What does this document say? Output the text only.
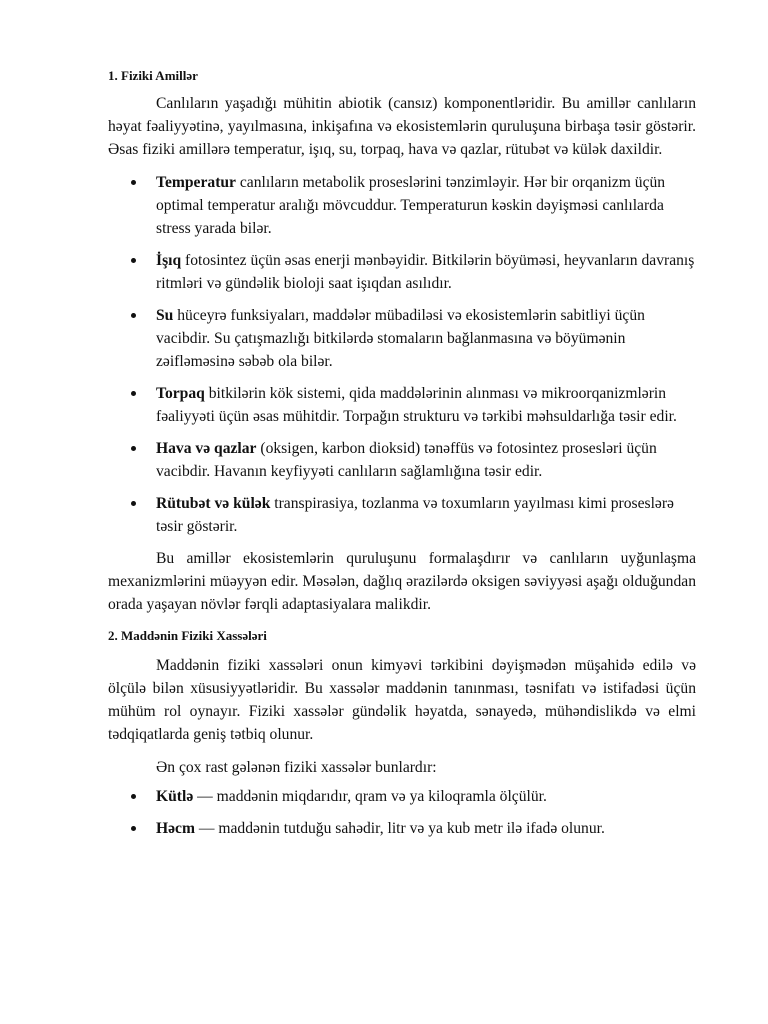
1. Fiziki Amillər

Canlıların yaşadığı mühitin abiotik (cansız) komponentləridir. Bu amillər canlıların həyat fəaliyyətinə, yayılmasına, inkişafına və ekosistemlərin quruluşuna birbaşa təsir göstərir. Əsas fiziki amillərə temperatur, işıq, su, torpaq, hava və qazlar, rütubət və külək daxildir.

Temperatur canlıların metabolik proseslərini tənzimləyir. Hər bir orqanizm üçün optimal temperatur aralığı mövcuddur. Temperaturun kəskin dəyişməsi canlılarda stress yarada bilər.
İşıq fotosintez üçün əsas enerji mənbəyidir. Bitkilərin böyüməsi, heyvanların davranış ritmləri və gündəlik bioloji saat işıqdan asılıdır.
Su hüceyrə funksiyaları, maddələr mübadiləsi və ekosistemlərin sabitliyi üçün vacibdir. Su çatışmazlığı bitkilərdə stomaların bağlanmasına və böyümənin zəifləməsinə səbəb ola bilər.
Torpaq bitkilərin kök sistemi, qida maddələrinin alınması və mikroorqanizmlərin fəaliyyəti üçün əsas mühitdir. Torpağın strukturu və tərkibi məhsuldarlığa təsir edir.
Hava və qazlar (oksigen, karbon dioksid) tənəffüs və fotosintez prosesləri üçün vacibdir. Havanın keyfiyyəti canlıların sağlamlığına təsir edir.
Rütubət və külək transpirasiya, tozlanma və toxumların yayılması kimi proseslərə təsir göstərir.

Bu amillər ekosistemlərin quruluşunu formalaşdırır və canlıların uyğunlaşma mexanizmlərini müəyyən edir. Məsələn, dağlıq ərazilərdə oksigen səviyyəsi aşağı olduğundan orada yaşayan növlər fərqli adaptasiyalara malikdir.

2. Maddənin Fiziki Xassələri

Maddənin fiziki xassələri onun kimyəvi tərkibini dəyişmədən müşahidə edilə və ölçülə bilən xüsusiyyətləridir. Bu xassələr maddənin tanınması, təsnifatı və istifadəsi üçün mühüm rol oynayır. Fiziki xassələr gündəlik həyatda, sənayedə, mühəndislikdə və elmi tədqiqatlarda geniş tətbiq olunur.

Ən çox rast gələnən fiziki xassələr bunlardır:

Kütlə — maddənin miqdarıdır, qram və ya kiloqramla ölçülür.
Həcm — maddənin tutduğu sahədir, litr və ya kub metr ilə ifadə olunur.
